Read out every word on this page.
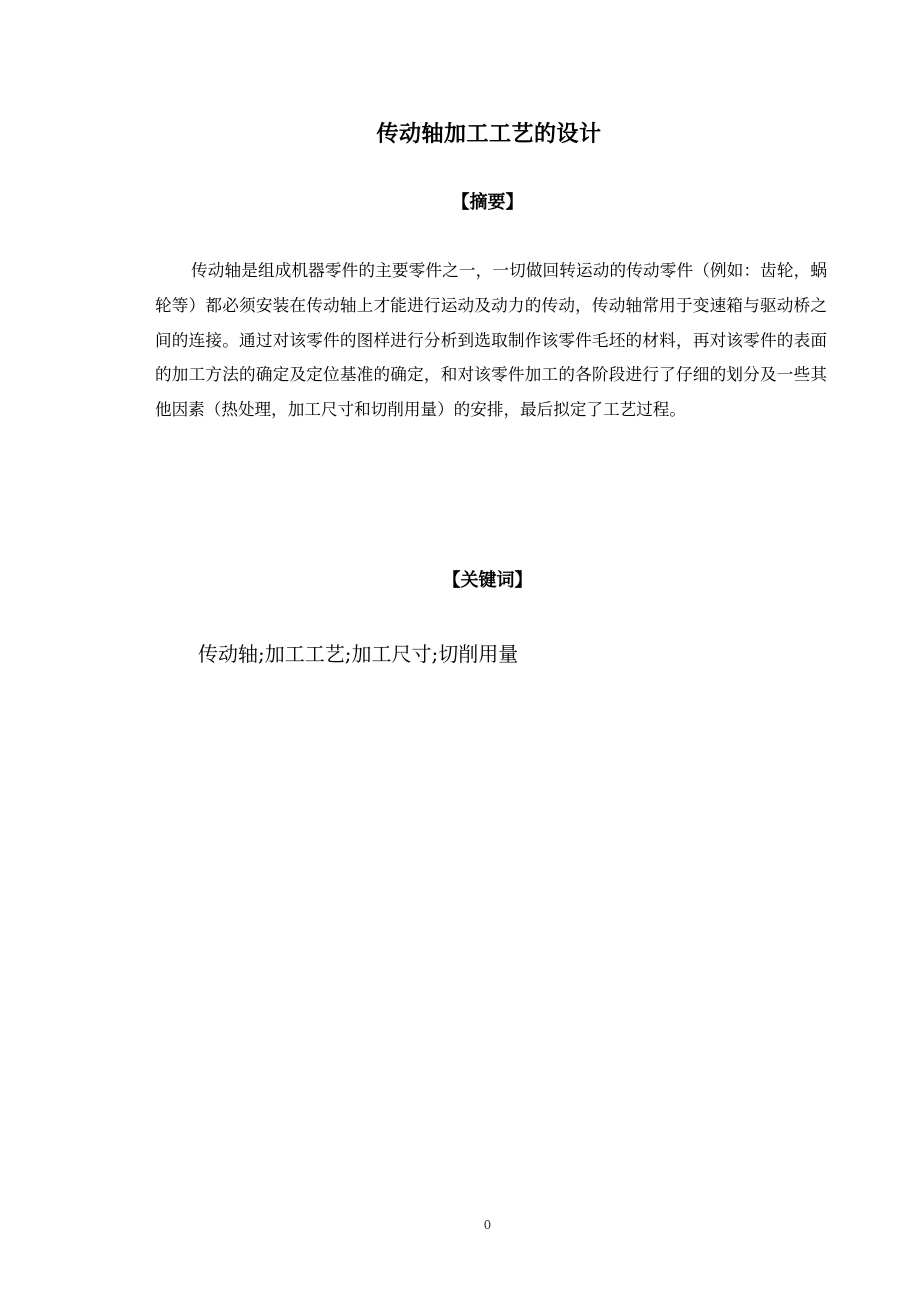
传动轴加工工艺的设计
【摘要】

传动轴是组成机器零件的主要零件之一，一切做回转运动的传动零件（例如：齿轮，蜗轮等）都必须安装在传动轴上才能进行运动及动力的传动，传动轴常用于变速箱与驱动桥之间的连接。通过对该零件的图样进行分析到选取制作该零件毛坯的材料，再对该零件的表面的加工方法的确定及定位基准的确定，和对该零件加工的各阶段进行了仔细的划分及一些其他因素（热处理，加工尺寸和切削用量）的安排，最后拟定了工艺过程。

【关键词】
传动轴;加工工艺;加工尺寸;切削用量
0
